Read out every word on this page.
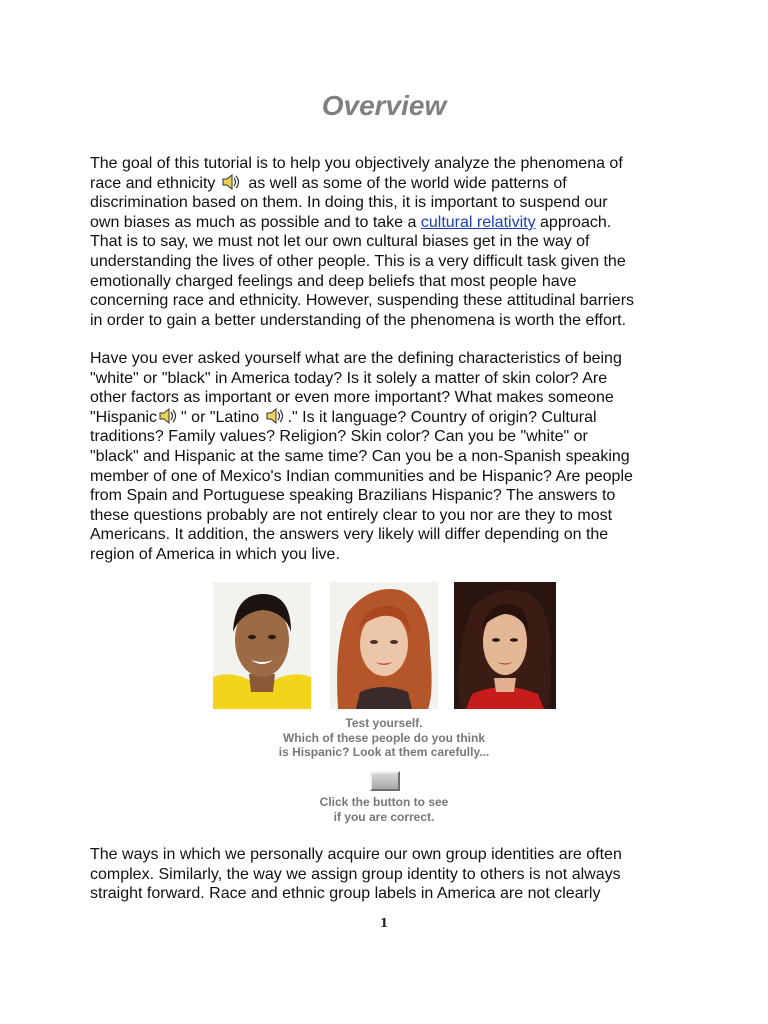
Overview
The goal of this tutorial is to help you objectively analyze the phenomena of
race and ethnicity as well as some of the world wide patterns of
discrimination based on them. In doing this, it is important to suspend our
own biases as much as possible and to take a cultural relativity approach.
That is to say, we must not let our own cultural biases get in the way of
understanding the lives of other people. This is a very difficult task given the
emotionally charged feelings and deep beliefs that most people have
concerning race and ethnicity. However, suspending these attitudinal barriers
in order to gain a better understanding of the phenomena is worth the effort.
Have you ever asked yourself what are the defining characteristics of being
"white" or "black" in America today? Is it solely a matter of skin color? Are
other factors as important or even more important? What makes someone
"Hispanic " or "Latino ." Is it language? Country of origin? Cultural
traditions? Family values? Religion? Skin color? Can you be "white" or
"black" and Hispanic at the same time? Can you be a non-Spanish speaking
member of one of Mexico's Indian communities and be Hispanic? Are people
from Spain and Portuguese speaking Brazilians Hispanic? The answers to
these questions probably are not entirely clear to you nor are they to most
Americans. It addition, the answers very likely will differ depending on the
region of America in which you live.
Test yourself.
Which of these people do you think
is Hispanic? Look at them carefully...
Click the button to see
if you are correct.
The ways in which we personally acquire our own group identities are often
complex. Similarly, the way we assign group identity to others is not always
straight forward. Race and ethnic group labels in America are not clearly
1
